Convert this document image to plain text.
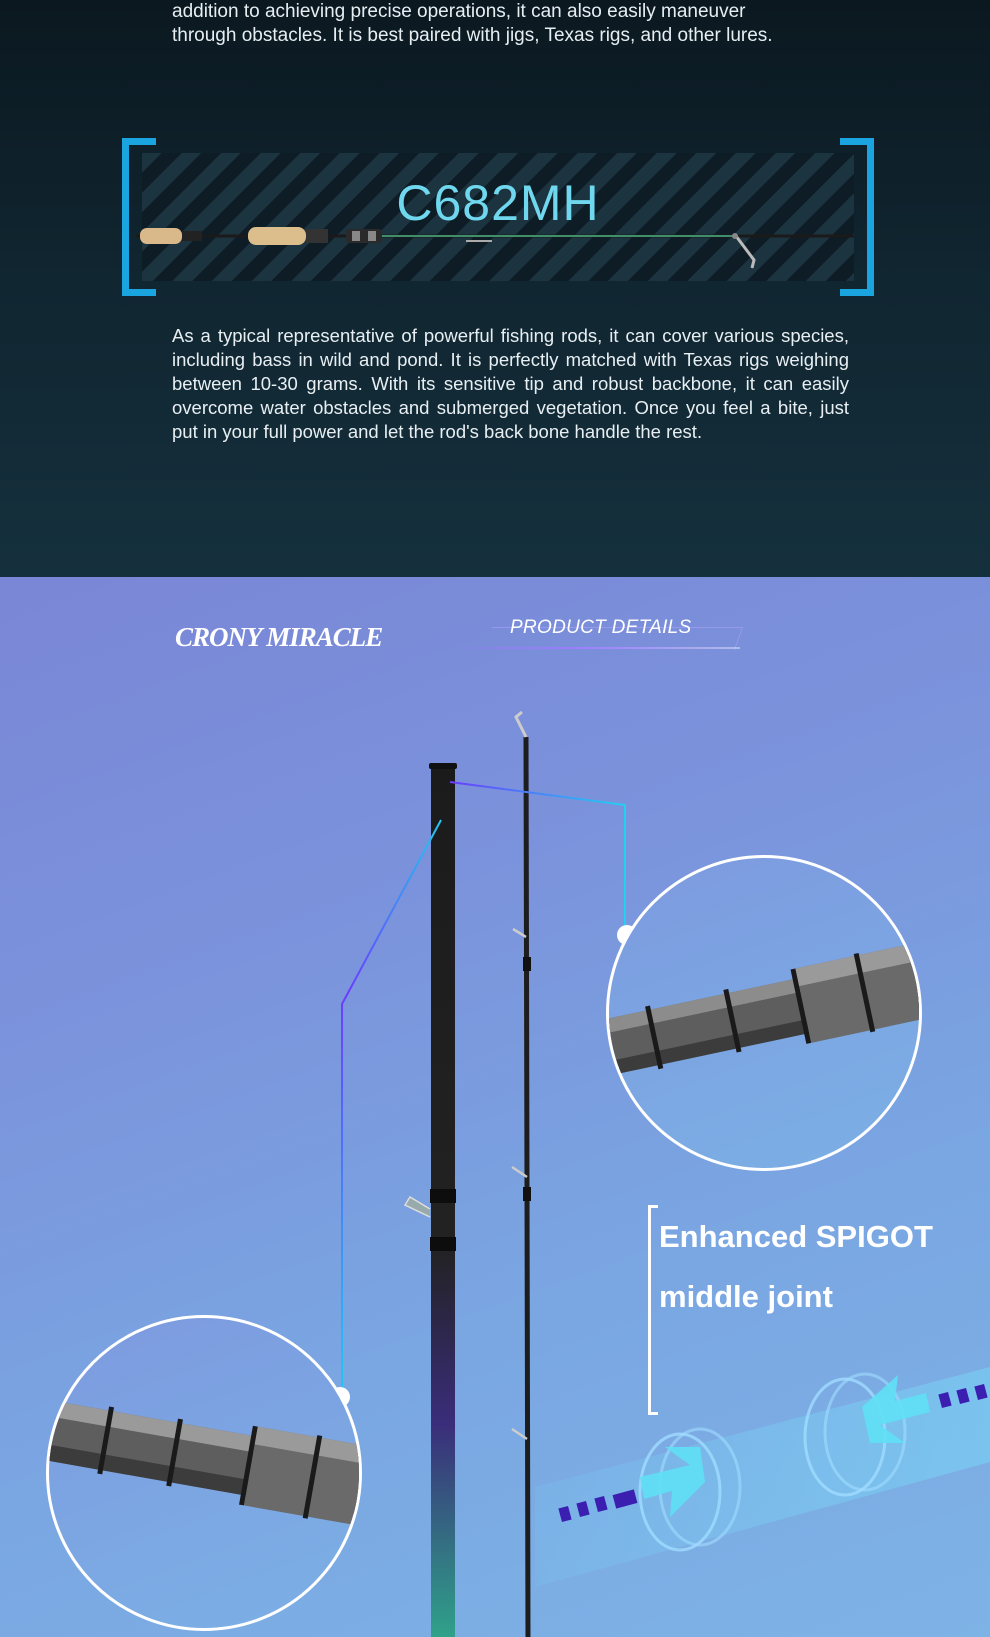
addition to achieving precise operations, it can also easily maneuver
through obstacles. It is best paired with jigs, Texas rigs, and other lures.
C682MH
As a typical representative of powerful fishing rods, it can cover various species, including bass in wild and pond. It is perfectly matched with Texas rigs weighing between 10-30 grams. With its sensitive tip and robust backbone, it can easily overcome water obstacles and submerged vegetation. Once you feel a bite, just put in your full power and let the rod's back bone handle the rest.
CRONY MIRACLE	PRODUCT DETAILS
Enhanced SPIGOT
middle joint
